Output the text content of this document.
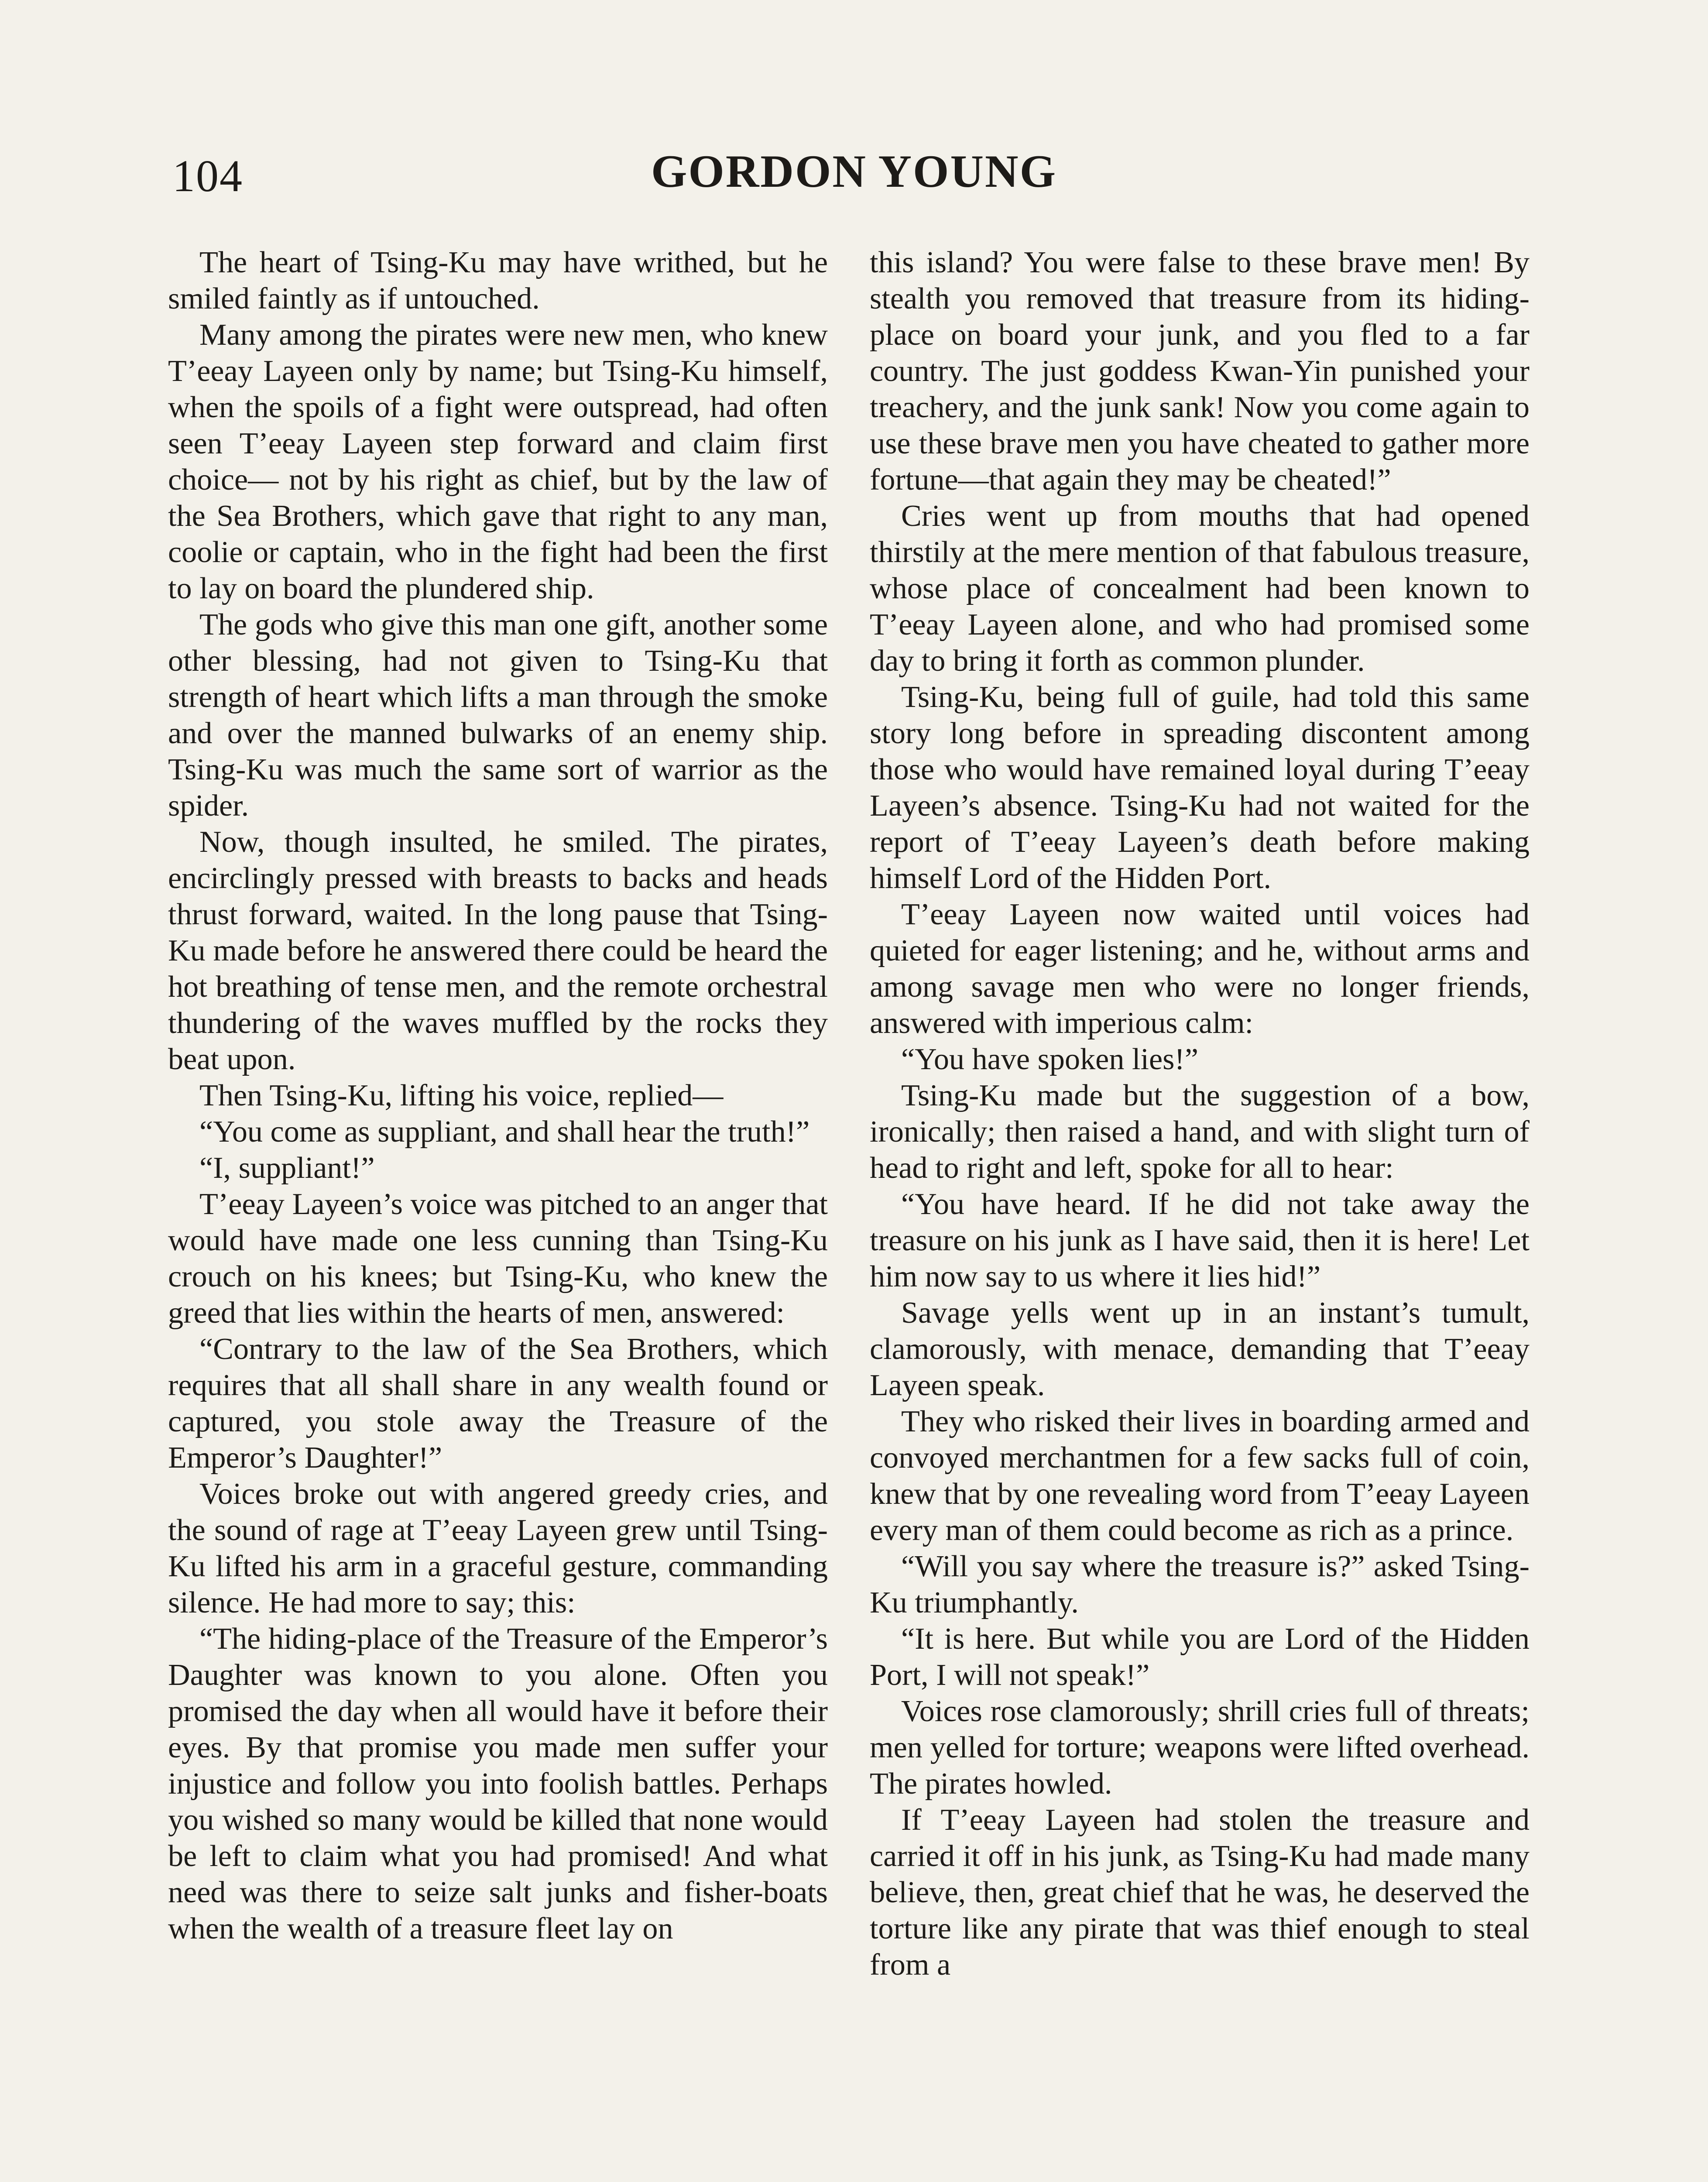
104	GORDON YOUNG

The heart of Tsing-Ku may have writhed, but he smiled faintly as if untouched.

Many among the pirates were new men, who knew T’eeay Layeen only by name; but Tsing-Ku himself, when the spoils of a fight were outspread, had often seen T’eeay Layeen step forward and claim first choice— not by his right as chief, but by the law of the Sea Brothers, which gave that right to any man, coolie or captain, who in the fight had been the first to lay on board the plundered ship.

The gods who give this man one gift, another some other blessing, had not given to Tsing-Ku that strength of heart which lifts a man through the smoke and over the manned bulwarks of an enemy ship. Tsing-Ku was much the same sort of warrior as the spider.

Now, though insulted, he smiled. The pirates, encirclingly pressed with breasts to backs and heads thrust forward, waited. In the long pause that Tsing-Ku made before he answered there could be heard the hot breathing of tense men, and the remote orchestral thundering of the waves muffled by the rocks they beat upon.

Then Tsing-Ku, lifting his voice, replied—

“You come as suppliant, and shall hear the truth!”

“I, suppliant!”

T’eeay Layeen’s voice was pitched to an anger that would have made one less cunning than Tsing-Ku crouch on his knees; but Tsing-Ku, who knew the greed that lies within the hearts of men, answered:

“Contrary to the law of the Sea Brothers, which requires that all shall share in any wealth found or captured, you stole away the Treasure of the Emperor’s Daughter!”

Voices broke out with angered greedy cries, and the sound of rage at T’eeay Layeen grew until Tsing-Ku lifted his arm in a graceful gesture, commanding silence. He had more to say; this:

“The hiding-place of the Treasure of the Emperor’s Daughter was known to you alone. Often you promised the day when all would have it before their eyes. By that promise you made men suffer your injustice and follow you into foolish battles. Perhaps you wished so many would be killed that none would be left to claim what you had promised! And what need was there to seize salt junks and fisher-boats when the wealth of a treasure fleet lay on

this island? You were false to these brave men! By stealth you removed that treasure from its hiding-place on board your junk, and you fled to a far country. The just goddess Kwan-Yin punished your treachery, and the junk sank! Now you come again to use these brave men you have cheated to gather more fortune—that again they may be cheated!”

Cries went up from mouths that had opened thirstily at the mere mention of that fabulous treasure, whose place of concealment had been known to T’eeay Layeen alone, and who had promised some day to bring it forth as common plunder.

Tsing-Ku, being full of guile, had told this same story long before in spreading discontent among those who would have remained loyal during T’eeay Layeen’s absence. Tsing-Ku had not waited for the report of T’eeay Layeen’s death before making himself Lord of the Hidden Port.

T’eeay Layeen now waited until voices had quieted for eager listening; and he, without arms and among savage men who were no longer friends, answered with imperious calm:

“You have spoken lies!”

Tsing-Ku made but the suggestion of a bow, ironically; then raised a hand, and with slight turn of head to right and left, spoke for all to hear:

“You have heard. If he did not take away the treasure on his junk as I have said, then it is here! Let him now say to us where it lies hid!”

Savage yells went up in an instant’s tumult, clamorously, with menace, demanding that T’eeay Layeen speak.

They who risked their lives in boarding armed and convoyed merchantmen for a few sacks full of coin, knew that by one revealing word from T’eeay Layeen every man of them could become as rich as a prince.

“Will you say where the treasure is?” asked Tsing-Ku triumphantly.

“It is here. But while you are Lord of the Hidden Port, I will not speak!”

Voices rose clamorously; shrill cries full of threats; men yelled for torture; weapons were lifted overhead. The pirates howled.

If T’eeay Layeen had stolen the treasure and carried it off in his junk, as Tsing-Ku had made many believe, then, great chief that he was, he deserved the torture like any pirate that was thief enough to steal from a
